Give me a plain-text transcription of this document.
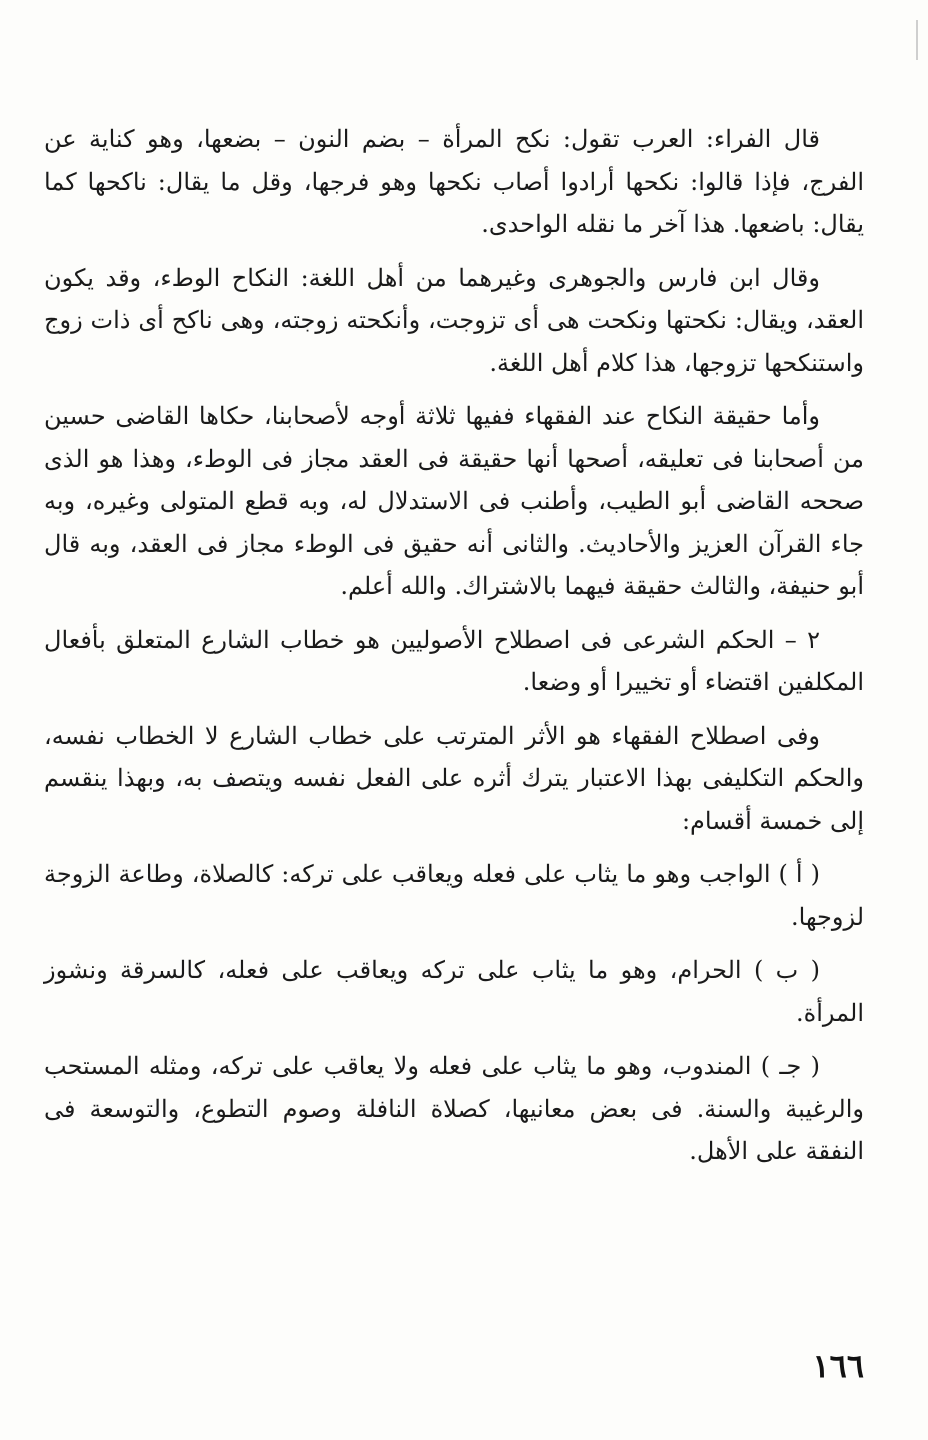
قال الفراء: العرب تقول: نكح المرأة – بضم النون – بضعها، وهو كناية عن الفرج، فإذا قالوا: نكحها أرادوا أصاب نكحها وهو فرجها، وقل ما يقال: ناكحها كما يقال: باضعها. هذا آخر ما نقله الواحدى.

وقال ابن فارس والجوهرى وغيرهما من أهل اللغة: النكاح الوطء، وقد يكون العقد، ويقال: نكحتها ونكحت هى أى تزوجت، وأنكحته زوجته، وهى ناكح أى ذات زوج واستنكحها تزوجها، هذا كلام أهل اللغة.

وأما حقيقة النكاح عند الفقهاء ففيها ثلاثة أوجه لأصحابنا، حكاها القاضى حسين من أصحابنا فى تعليقه، أصحها أنها حقيقة فى العقد مجاز فى الوطء، وهذا هو الذى صححه القاضى أبو الطيب، وأطنب فى الاستدلال له، وبه قطع المتولى وغيره، وبه جاء القرآن العزيز والأحاديث. والثانى أنه حقيق فى الوطء مجاز فى العقد، وبه قال أبو حنيفة، والثالث حقيقة فيهما بالاشتراك. والله أعلم.

٢ – الحكم الشرعى فى اصطلاح الأصوليين هو خطاب الشارع المتعلق بأفعال المكلفين اقتضاء أو تخييرا أو وضعا.

وفى اصطلاح الفقهاء هو الأثر المترتب على خطاب الشارع لا الخطاب نفسه، والحكم التكليفى بهذا الاعتبار يترك أثره على الفعل نفسه ويتصف به، وبهذا ينقسم إلى خمسة أقسام:

( أ ) الواجب وهو ما يثاب على فعله ويعاقب على تركه: كالصلاة، وطاعة الزوجة لزوجها.

( ب ) الحرام، وهو ما يثاب على تركه ويعاقب على فعله، كالسرقة ونشوز المرأة.

( جـ ) المندوب، وهو ما يثاب على فعله ولا يعاقب على تركه، ومثله المستحب والرغيبة والسنة. فى بعض معانيها، كصلاة النافلة وصوم التطوع، والتوسعة فى النفقة على الأهل.

١٦٦
